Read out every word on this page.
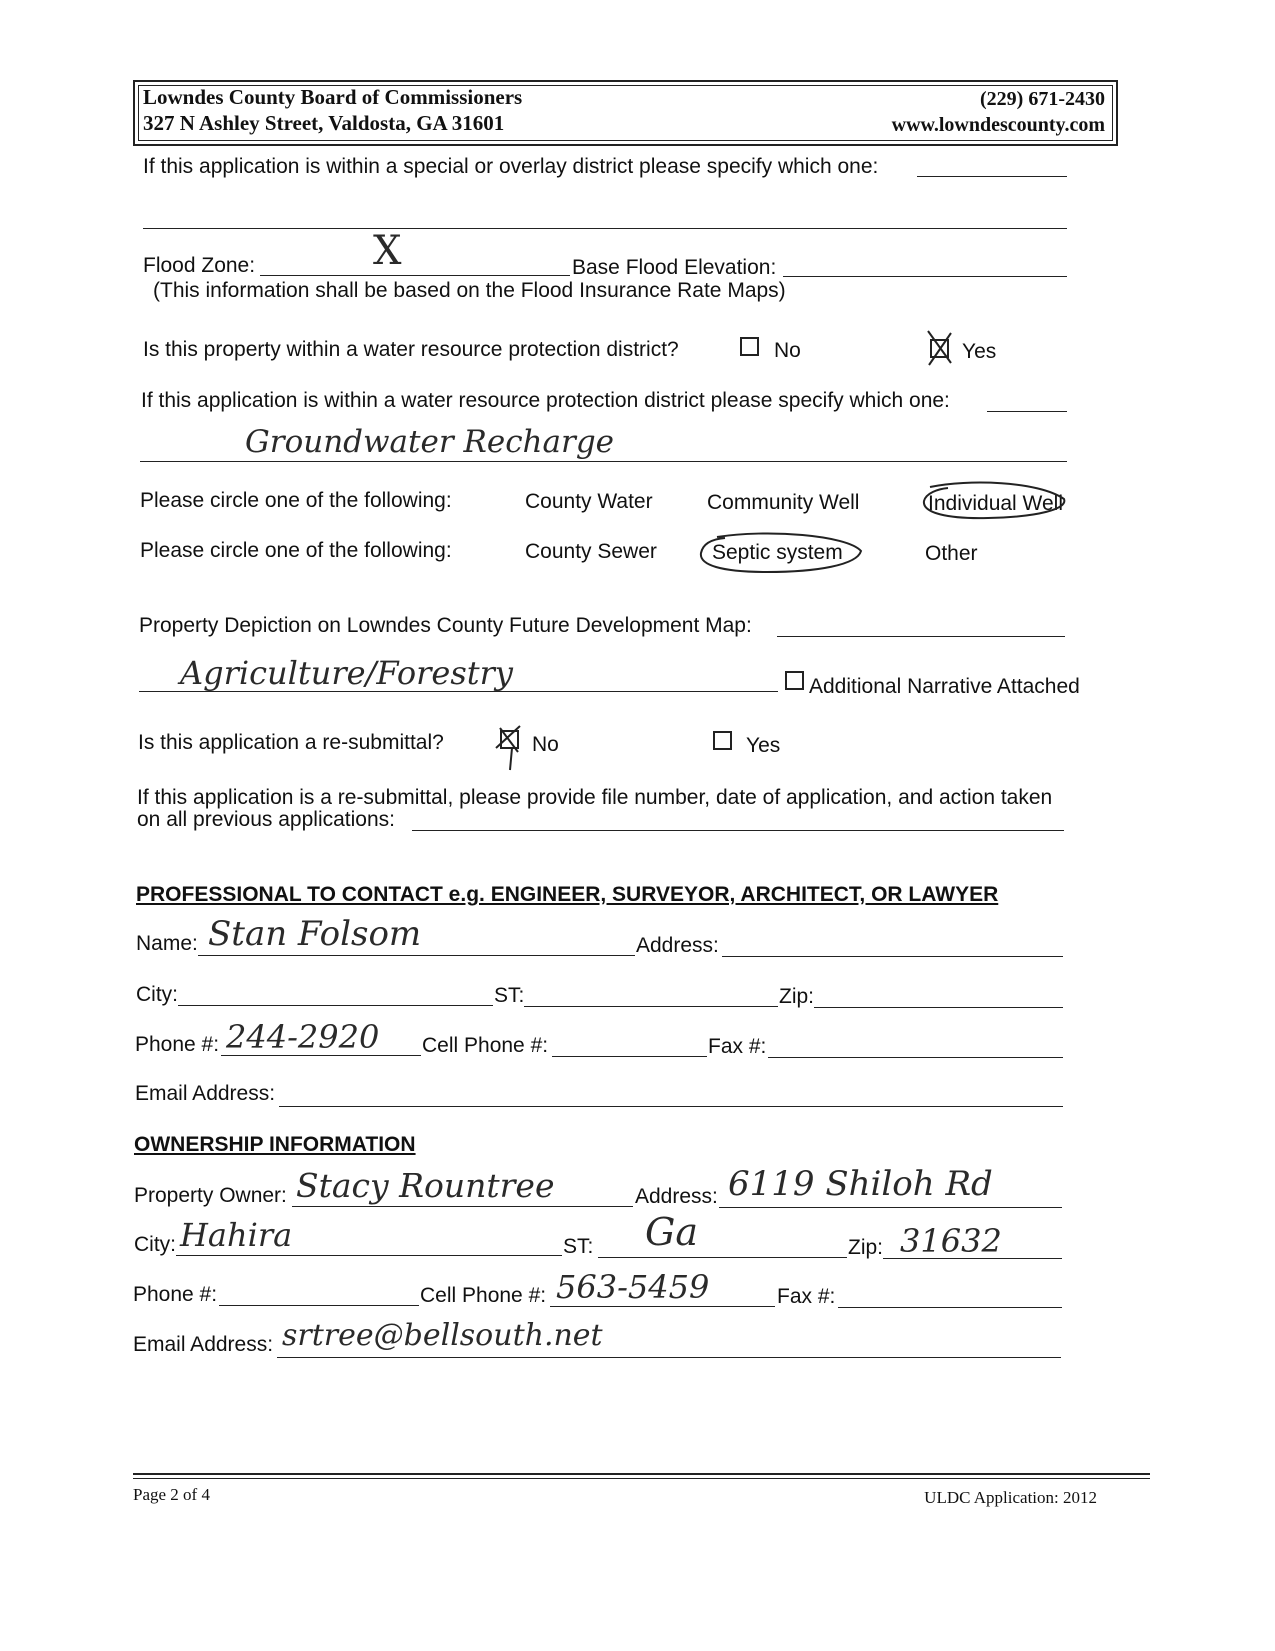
Lowndes County Board of Commissioners
327 N Ashley Street, Valdosta, GA 31601
(229) 671-2430
www.lowndescounty.com
If this application is within a special or overlay district please specify which one:
Flood Zone:	X	Base Flood Elevation:
(This information shall be based on the Flood Insurance Rate Maps)
Is this property within a water resource protection district?	No	Yes
If this application is within a water resource protection district please specify which one:
Groundwater Recharge
Please circle one of the following:	County Water	Community Well	Individual Well
Please circle one of the following:	County Sewer	Septic system	Other
Property Depiction on Lowndes County Future Development Map:
Agriculture/Forestry	Additional Narrative Attached
Is this application a re-submittal?	No	Yes
If this application is a re-submittal, please provide file number, date of application, and action taken
on all previous applications:
PROFESSIONAL TO CONTACT e.g. ENGINEER, SURVEYOR, ARCHITECT, OR LAWYER
Name: Stan Folsom	Address:
City:	ST:	Zip:
Phone #: 244-2920 Cell Phone #:	Fax #:
Email Address:
OWNERSHIP INFORMATION
Property Owner: Stacy Rountree	Address: 6119 Shiloh Rd
City: Hahira	ST: Ga	Zip: 31632
Phone #:	Cell Phone #: 563-5459	Fax #:
Email Address: srtree@bellsouth.net
Page 2 of 4	ULDC Application: 2012
